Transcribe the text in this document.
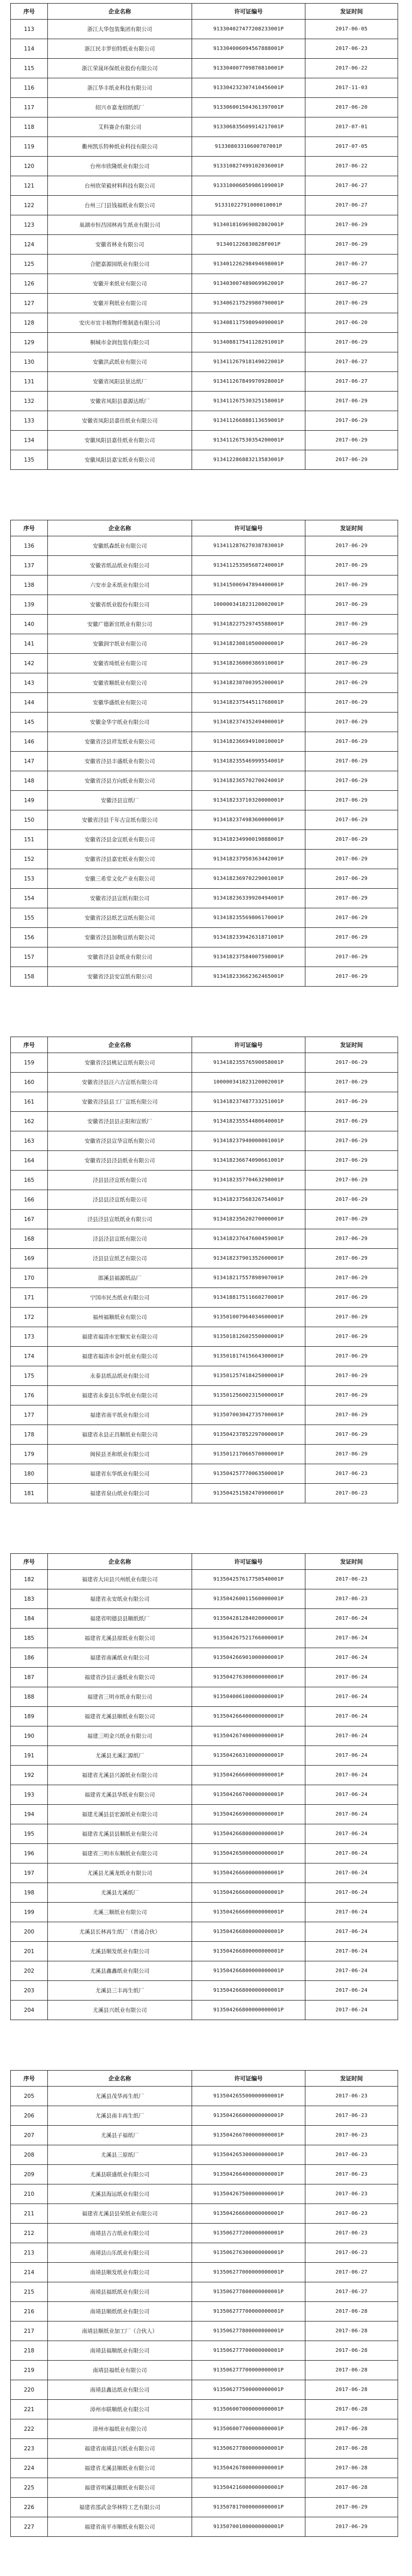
序号	企业名称	许可证编号	发证时间
113	浙江大华包装集团有限公司	913304027477208233001P	2017-06-05
114	浙江民丰罗伯特纸业有限公司	913304006094567888001P	2017-06-23
115	浙江荣晟环保纸业股份有限公司	913304007709870810001P	2017-06-22
116	浙江华丰纸业科技有限公司	913304232307410456001P	2017-11-03
117	绍兴市嘉龙绍纸纸厂	913306001504361397001P	2017-06-20
118	艾科赛企有限公司	913306835609914217001P	2017-07-01
119	衢州凯乐特种纸业科技有限公司	91330803310600707001P	2017-07-05
120	台州市欣隆纸业有限公司	913310827499102036001P	2017-06-22
121	台州欣荣毅材料科技有限公司	913310006050986109001P	2017-06-27
122	台州三门县钱福纸业有限公司	91331022791000010001P	2017-06-27
123	巢湖市恒昌园林再生纸业有限公司	913401816969082802001P	2017-06-29
124	安徽省林业有限公司	913401226830828F001P	2017-06-29
125	合肥嘉源园纸业有限公司	913401226298494698001P	2017-06-27
126	安徽开来纸业有限公司	913403007489069962001P	2017-06-27
127	安徽开利纸业有限公司	913406217529980790001P	2017-06-29
128	安庆市宜丰植物纤维制造有限公司	913408117598094090001P	2017-06-20
129	桐城市金润包装有限公司	913408817541128291001P	2017-06-29
130	安徽洪武纸业有限公司	913411267918149022001P	2017-06-27
131	安徽省凤阳县景达纸厂	913411267849970928001P	2017-06-27
132	安徽省凤阳县嘉源达纸厂	913411267530325158001P	2017-06-29
133	安徽省凤阳县嘉佳纸业有限公司	913411266888113659001P	2017-06-29
134	安徽凤阳县嘉佳纸业有限公司	913411267530354200001P	2017-06-29
135	安徽凤阳县嘉宝纸业有限公司	913412286883213583001P	2017-06-29
序号	企业名称	许可证编号	发证时间
136	安徽纸森纸业有限公司	913411287627038783001P	2017-06-29
137	安徽省纸品纸业有限公司	913411253505687240001P	2017-06-29
138	六安市金禾纸业有限公司	913415006947894400001P	2017-06-29
139	安徽省纸业股份有限公司	100000341823120002001P	2017-06-29
140	安徽广德新宜纸业有限公司	913418227529745588001P	2017-06-29
141	安徽润宇纸业有限公司	913418230810500000001P	2017-06-29
142	安徽省琦纸业有限公司	913418236000386910001P	2017-06-29
143	安徽省顺纸业有限公司	913418238700395200001P	2017-06-29
144	安徽华盛纸业有限公司	913418237544511768001P	2017-06-29
145	安徽金华宇纸业有限公司	913418237435249400001P	2017-06-29
146	安徽省泾县祥发纸业有限公司	913418236694910010001P	2017-06-29
147	安徽省泾县丰盛纸业有限公司	913418235546999554001P	2017-06-29
148	安徽省泾县方向纸业有限公司	913418236570270024001P	2017-06-29
149	安徽泾县宣纸厂	913418233710320000001P	2017-06-29
150	安徽省泾县千年古宣纸有限公司	913418237498360000001P	2017-06-29
151	安徽省泾县金宣纸业有限公司	913418234990019888001P	2017-06-29
152	安徽省泾县嘉宏纸业有限公司	913418237950363442001P	2017-06-29
153	安徽三希堂文化产业有限公司	913418236970229001001P	2017-06-29
154	安徽省泾县宣纸有限公司	913418236339920494001P	2017-06-29
155	安徽省泾县纸艺宣纸有限公司	913418235569806170001P	2017-06-29
156	安徽省泾县加勒宣纸有限公司	913418233942631871001P	2017-06-29
157	安徽省泾县金纸业有限公司	913418237584007598001P	2017-06-29
158	安徽省泾县安宣纸有限公司	913418233662362465001P	2017-06-29
序号	企业名称	许可证编号	发证时间
159	安徽省泾县桃记宣纸有限公司	913418235576590058001P	2017-06-29
160	安徽省泾县汪六吉宣纸有限公司	100000341823120002001P	2017-06-29
161	安徽省泾县县工厂宣纸有限公司	913418237487733251001P	2017-06-29
162	安徽省泾县县正阳和宣纸厂	913418235554480640001P	2017-06-29
163	安徽省泾县宣华宣纸有限公司	913418237940000001001P	2017-06-29
164	安徽省泾县泾县纸业有限公司	913418236674090661001P	2017-06-29
165	泾县县泾宣纸有限公司	913418235770463298001P	2017-06-29
166	泾县县泾宣纸有限公司	913418237568326754001P	2017-06-29
167	泾县泾县宣纸纸业有限公司	913418235620270000001P	2017-06-29
168	泾县泾县宣纸有限公司	913418237647600459001P	2017-06-29
169	泾县县宣纸艺有限公司	913418237901352600001P	2017-06-29
170	郎溪县福源纸品厂	913418217557898907001P	2017-06-29
171	宁国市民杰纸业有限公司	913418817511660270001P	2017-06-29
172	福州福顺纸业有限公司	913501007964034600001P	2017-06-29
173	福建省福清市宏顺实业有限公司	913501812602550000001P	2017-06-29
174	福建省福清市金叶纸业有限公司	913501817415664300001P	2017-06-29
175	永泰县纸品纸业有限公司	913501257418425000001P	2017-06-29
176	福建省永泰县东华纸业有限公司	913501256002315000001P	2017-06-29
177	福建省南平纸业有限公司	913507003042735700001P	2017-06-29
178	福建省永县正昌顺纸业有限公司	913504237852297000001P	2017-06-29
179	闽侯县圣和纸业有限公司	913501217066570000001P	2017-06-29
180	福建省东华纸业有限公司	913504257770063500001P	2017-06-23
181	福建省泉山纸业有限公司	913504251582470900001P	2017-06-23
序号	企业名称	许可证编号	发证时间
182	福建省大田县兴州纸业有限公司	913504257617750540001P	2017-06-23
183	福建省永安纸业有限公司	913504260011560000001P	2017-06-23
184	福建省明德县县顺纸纸厂	913504281284020000001P	2017-06-24
185	福建省尤溪县原纸业有限公司	913504267521766000001P	2017-06-24
186	福建省南溪纸业有限公司	913504266901000000001P	2017-06-24
187	福建省沙县正盛纸业有限公司	913504276300000000001P	2017-06-24
188	福建省三明市纸业有限公司	913504006100000000001P	2017-06-24
189	福建省尤溪县顺纸业有限公司	913504266400000000001P	2017-06-24
190	福建三明金兴纸业有限公司	913504267400000000001P	2017-06-24
191	尤溪县尤溪汇源纸厂	913504266310000000001P	2017-06-24
192	福建省尤溪县兴源纸业有限公司	913504266600000000001P	2017-06-24
193	福建省尤溪县华纸业有限公司	913504266700000000001P	2017-06-24
194	福建尤溪县县宏源纸业有限公司	913504266900000000001P	2017-06-24
195	福建省尤溪县县顺纸业有限公司	913504266800000000001P	2017-06-24
196	福建省三明市东顺纸业有限公司	913504265000000000001P	2017-06-24
197	尤溪县尤溪龙纸业有限公司	913504266600000000001P	2017-06-24
198	尤溪县尤溪纸厂	913504266600000000001P	2017-06-24
199	尤溪三顺纸业有限公司	913504266600000000001P	2017-06-24
200	尤溪县长林再生纸厂（普通合伙）	913504266800000000001P	2017-06-24
201	尤溪县顺发纸业有限公司	913504266800000000001P	2017-06-24
202	尤溪县鑫鑫纸业有限公司	913504266800000000001P	2017-06-24
203	尤溪县三丰再生纸厂	913504266800000000001P	2017-06-24
204	尤溪县兴纸业有限公司	913504266800000000001P	2017-06-24
序号	企业名称	许可证编号	发证时间
205	尤溪县茂华再生纸厂	913504265500000000001P	2017-06-23
206	尤溪县南丰再生纸厂	913504266000000000001P	2017-06-23
207	尤溪县子福纸厂	913504266700000000001P	2017-06-23
208	尤溪县三原纸厂	913504265300000000001P	2017-06-23
209	尤溪县联盛纸业有限公司	913504266400000000001P	2017-06-23
210	尤溪县海运纸业有限公司	913504267500000000001P	2017-06-23
211	福建省尤溪县县荣纸业有限公司	913504266600000000001P	2017-06-23
212	南靖县吉吉纸业有限公司	913506277200000000001P	2017-06-23
213	南靖县山乐纸业有限公司	913506276300000000001P	2017-06-23
214	南靖县顺发纸业有限公司	913506277000000000001P	2017-06-27
215	南靖县福纸纸业有限公司	913506277800000000001P	2017-06-27
216	南靖县顺纸纸业有限公司	913506277700000000001P	2017-06-28
217	南靖县顺纸业加工厂（合伙人）	913506277800000000001P	2017-06-28
218	南靖县福顺纸业有限公司	913506277700000000001P	2017-06-28
219	南靖县福纸业有限公司	913506277700000000001P	2017-06-28
220	南靖县鑫达纸业有限公司	913506277500000000001P	2017-06-28
221	漳州市联顺纸业有限公司	913506007000000000001P	2017-06-28
222	漳州市福纸业有限公司	913506007700000000001P	2017-06-28
223	福建省南靖县兴纸业有限公司	913506277800000000001P	2017-06-28
224	福建省尤溪县顺纸业有限公司	913504267800000000001P	2017-06-28
225	福建省明溪县顺纸业有限公司	913504216000000000001P	2017-06-28
226	福建省邵武金华林特工艺有限公司	913507817000000000001P	2017-06-29
227	福建省南平市顺纸业有限公司	913507001000000000001P	2017-06-29
